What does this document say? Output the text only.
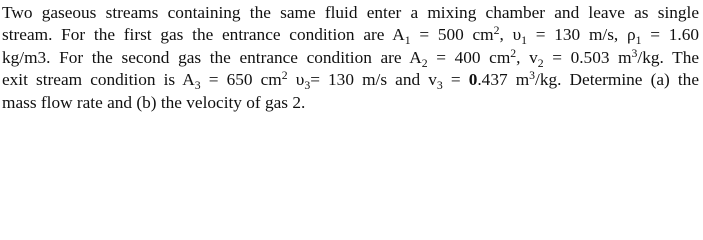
Two gaseous streams containing the same fluid enter a mixing chamber and leave as single
stream. For the first gas the entrance condition are $A_1 = 500$ $cm^2$, $\upsilon_1 = 130$ m/s, $\rho_1 = 1.60$
kg/m3. For the second gas the entrance condition are $A_2 = 400$ $cm^2$, $v_2 = 0.503$ $m^3/kg$. The
exit stream condition is $A_3 = 650$ $cm^2$ $\upsilon_3= 130$ m/s and $v_3 = 0.437$ $m^3/kg$. Determine (a) the
mass flow rate and (b) the velocity of gas 2.
